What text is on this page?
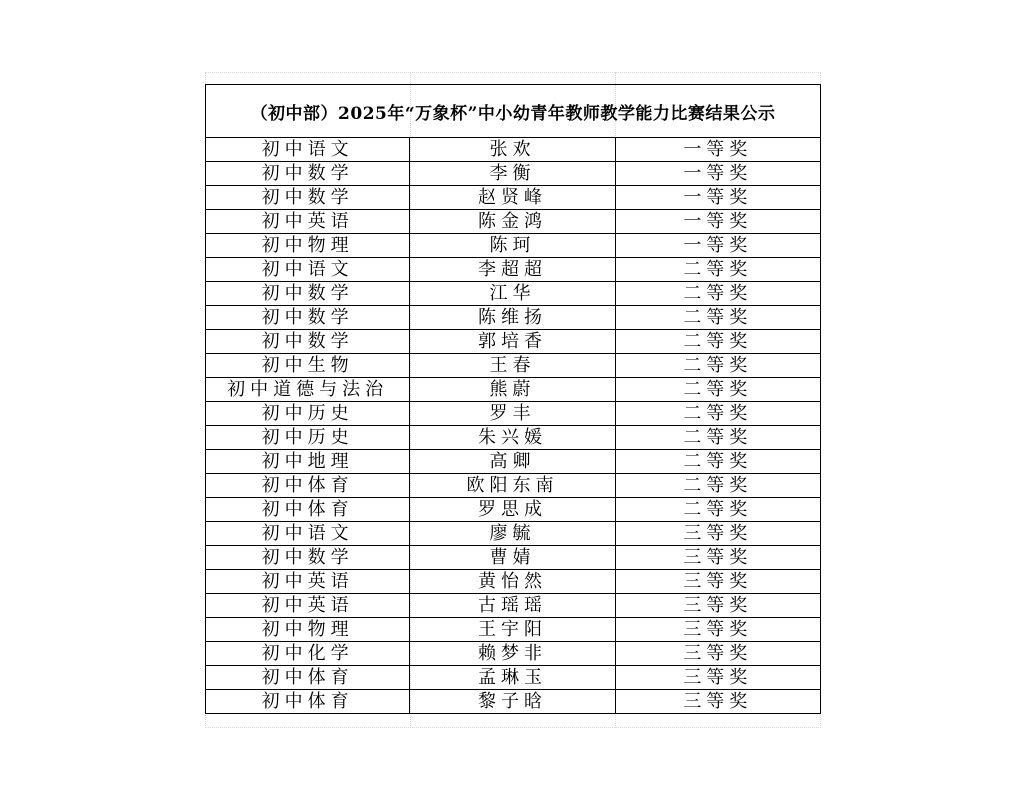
（初中部）2025年“万象杯”中小幼青年教师教学能力比赛结果公示		
初中语文	张欢	一等奖
初中数学	李衡	一等奖
初中数学	赵贤峰	一等奖
初中英语	陈金鸿	一等奖
初中物理	陈珂	一等奖
初中语文	李超超	二等奖
初中数学	江华	二等奖
初中数学	陈维扬	二等奖
初中数学	郭培香	二等奖
初中生物	王春	二等奖
初中道德与法治	熊蔚	二等奖
初中历史	罗丰	二等奖
初中历史	朱兴媛	二等奖
初中地理	高卿	二等奖
初中体育	欧阳东南	二等奖
初中体育	罗思成	二等奖
初中语文	廖毓	三等奖
初中数学	曹婧	三等奖
初中英语	黄怡然	三等奖
初中英语	古瑶瑶	三等奖
初中物理	王宇阳	三等奖
初中化学	赖梦非	三等奖
初中体育	孟琳玉	三等奖
初中体育	黎子晗	三等奖
